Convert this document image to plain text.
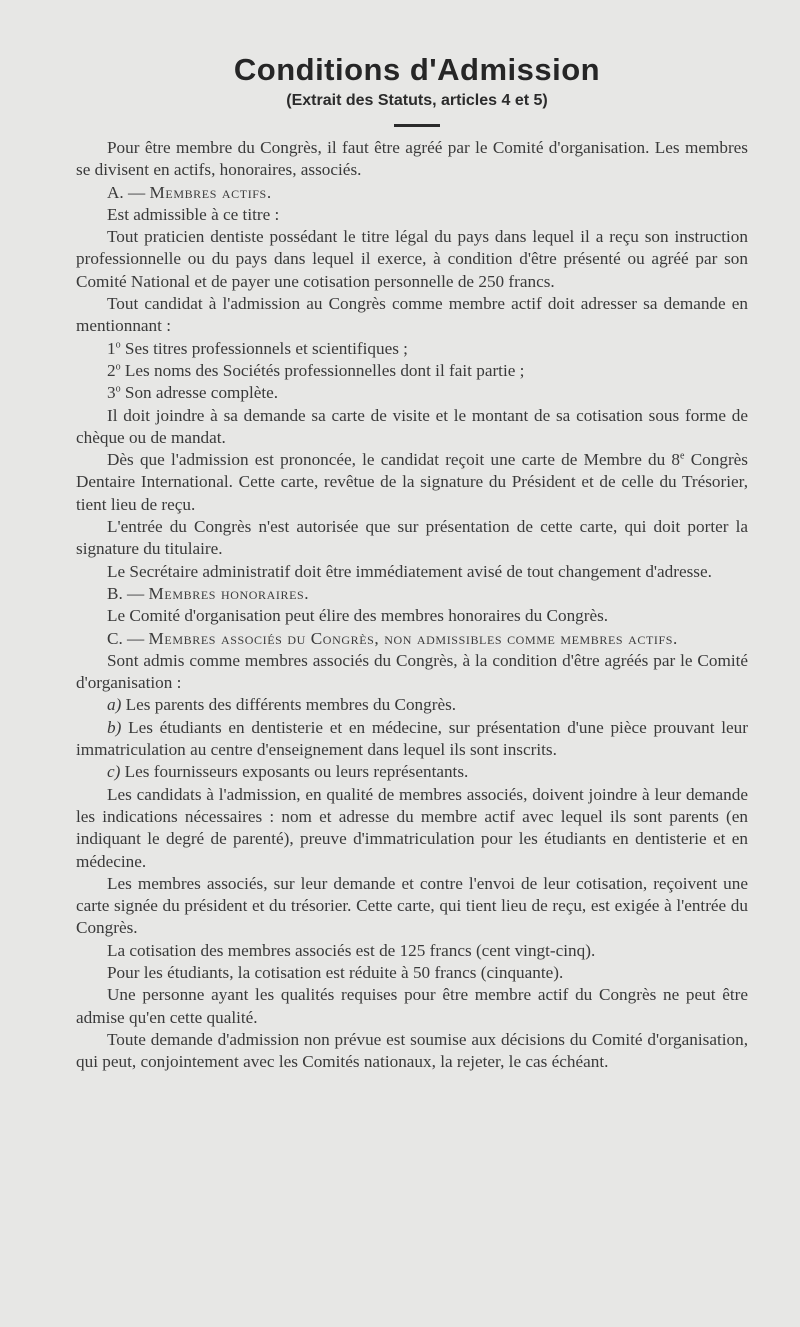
Conditions d'Admission
(Extrait des Statuts, articles 4 et 5)

Pour être membre du Congrès, il faut être agréé par le Comité d'organisation. Les membres se divisent en actifs, honoraires, associés.

A. — Membres actifs.

Est admissible à ce titre :

Tout praticien dentiste possédant le titre légal du pays dans lequel il a reçu son instruction professionnelle ou du pays dans lequel il exerce, à condition d'être présenté ou agréé par son Comité National et de payer une cotisation personnelle de 250 francs.

Tout candidat à l'admission au Congrès comme membre actif doit adresser sa demande en mentionnant :

1$^o$ Ses titres professionnels et scientifiques ;

2$^o$ Les noms des Sociétés professionnelles dont il fait partie ;

3$^o$ Son adresse complète.

Il doit joindre à sa demande sa carte de visite et le montant de sa cotisation sous forme de chèque ou de mandat.

Dès que l'admission est prononcée, le candidat reçoit une carte de Membre du 8e Congrès Dentaire International. Cette carte, revêtue de la signature du Président et de celle du Trésorier, tient lieu de reçu.

L'entrée du Congrès n'est autorisée que sur présentation de cette carte, qui doit porter la signature du titulaire.

Le Secrétaire administratif doit être immédiatement avisé de tout changement d'adresse.

B. — Membres honoraires.

Le Comité d'organisation peut élire des membres honoraires du Congrès.

C. — Membres associés du Congrès, non admissibles comme membres actifs.

Sont admis comme membres associés du Congrès, à la condition d'être agréés par le Comité d'organisation :

a) Les parents des différents membres du Congrès.

b) Les étudiants en dentisterie et en médecine, sur présentation d'une pièce prouvant leur immatriculation au centre d'enseignement dans lequel ils sont inscrits.

c) Les fournisseurs exposants ou leurs représentants.

Les candidats à l'admission, en qualité de membres associés, doivent joindre à leur demande les indications nécessaires : nom et adresse du membre actif avec lequel ils sont parents (en indiquant le degré de parenté), preuve d'immatriculation pour les étudiants en dentisterie et en médecine.

Les membres associés, sur leur demande et contre l'envoi de leur cotisation, reçoivent une carte signée du président et du trésorier. Cette carte, qui tient lieu de reçu, est exigée à l'entrée du Congrès.

La cotisation des membres associés est de 125 francs (cent vingt-cinq).

Pour les étudiants, la cotisation est réduite à 50 francs (cinquante).

Une personne ayant les qualités requises pour être membre actif du Congrès ne peut être admise qu'en cette qualité.

Toute demande d'admission non prévue est soumise aux décisions du Comité d'organisation, qui peut, conjointement avec les Comités nationaux, la rejeter, le cas échéant.
